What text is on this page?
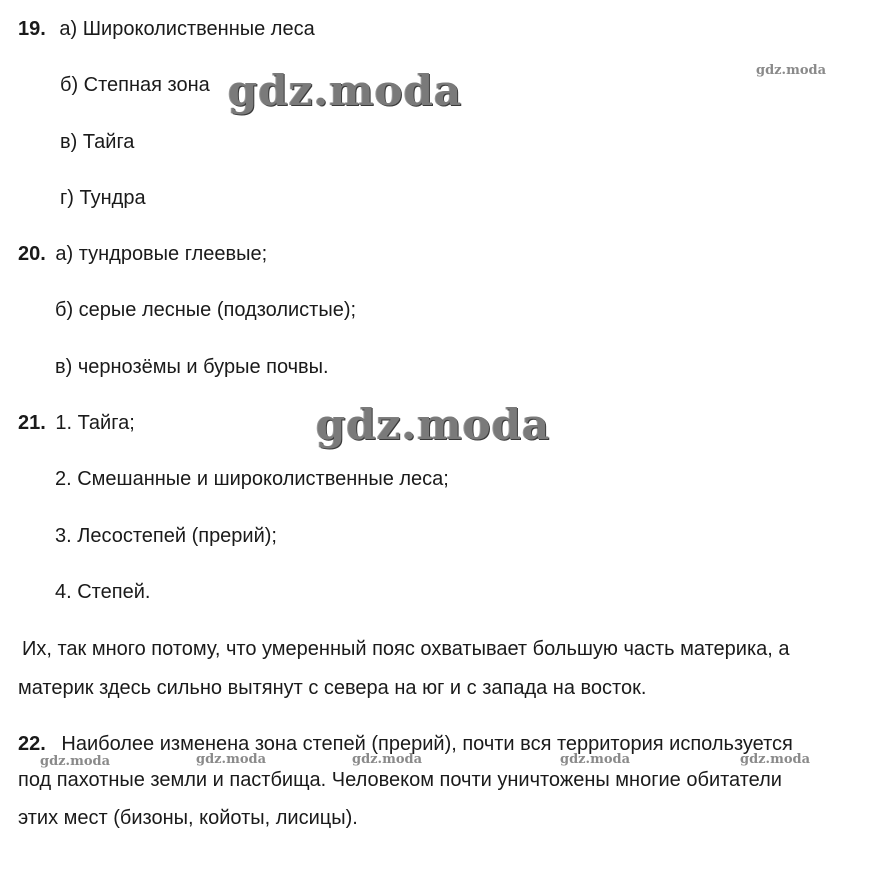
19. а) Широколиственные леса
б) Степная зона
в) Тайга
г) Тундра
20. а) тундровые глеевые;
б) серые лесные (подзолистые);
в) чернозёмы и бурые почвы.
21. 1. Тайга;
2. Смешанные и широколиственные леса;
3. Лесостепей (прерий);
4. Степей.
Их, так много потому, что умеренный пояс охватывает большую часть материка, а
материк здесь сильно вытянут с севера на юг и с запада на восток.
22. Наиболее изменена зона степей (прерий), почти вся территория используется
под пахотные земли и пастбища. Человеком почти уничтожены многие обитатели
этих мест (бизоны, койоты, лисицы).
gdz.moda
gdz.moda
gdz.moda
gdz.moda	gdz.moda	gdz.moda	gdz.moda	gdz.moda
